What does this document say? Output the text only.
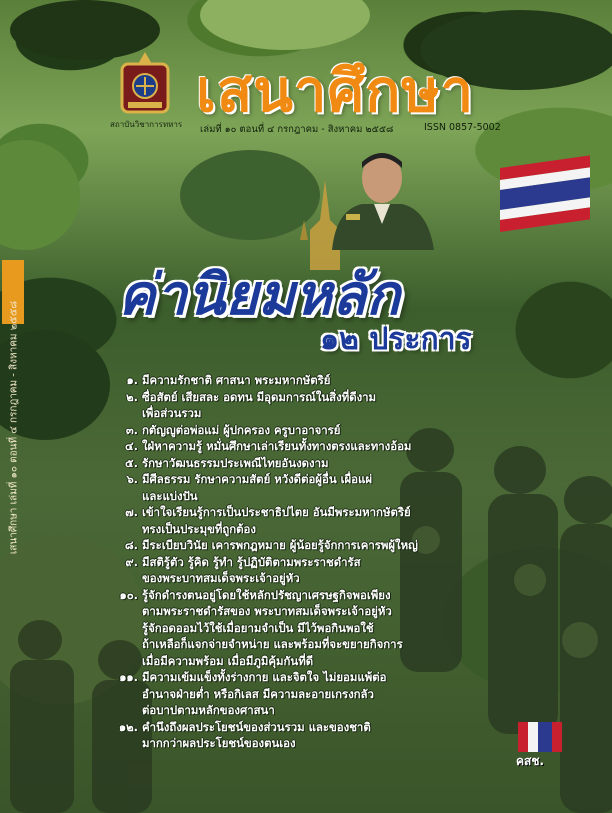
เสนาศึกษา เล่มที่ ๑๐ ตอนที่ ๔ กรกฎาคม - สิงหาคม ๒๕๕๘
สถาบันวิชาการทหาร เสนาศึกษา
เล่มที่ ๑๐ ตอนที่ ๔ กรกฎาคม - สิงหาคม ๒๕๕๘	ISSN 0857-5002
ค่านิยมหลัก
๑๒ ประการ
๑. มีความรักชาติ ศาสนา พระมหากษัตริย์
๒. ซื่อสัตย์ เสียสละ อดทน มีอุดมการณ์ในสิ่งที่ดีงาม
เพื่อส่วนรวม
๓. กตัญญูต่อพ่อแม่ ผู้ปกครอง ครูบาอาจารย์
๔. ใฝ่หาความรู้ หมั่นศึกษาเล่าเรียนทั้งทางตรงและทางอ้อม
๕. รักษาวัฒนธรรมประเพณีไทยอันงดงาม
๖. มีศีลธรรม รักษาความสัตย์ หวังดีต่อผู้อื่น เผื่อแผ่
และแบ่งปัน
๗. เข้าใจเรียนรู้การเป็นประชาธิปไตย อันมีพระมหากษัตริย์
ทรงเป็นประมุขที่ถูกต้อง
๘. มีระเบียบวินัย เคารพกฎหมาย ผู้น้อยรู้จักการเคารพผู้ใหญ่
๙. มีสติรู้ตัว รู้คิด รู้ทำ รู้ปฏิบัติตามพระราชดำรัส
ของพระบาทสมเด็จพระเจ้าอยู่หัว
๑๐. รู้จักดำรงตนอยู่โดยใช้หลักปรัชญาเศรษฐกิจพอเพียง
ตามพระราชดำรัสของ พระบาทสมเด็จพระเจ้าอยู่หัว
รู้จักอดออมไว้ใช้เมื่อยามจำเป็น มีไว้พอกินพอใช้
ถ้าเหลือก็แจกจ่ายจำหน่าย และพร้อมที่จะขยายกิจการ
เมื่อมีความพร้อม เมื่อมีภูมิคุ้มกันที่ดี
๑๑. มีความเข้มแข็งทั้งร่างกาย และจิตใจ ไม่ยอมแพ้ต่อ
อำนาจฝ่ายต่ำ หรือกิเลส มีความละอายเกรงกลัว
ต่อบาปตามหลักของศาสนา
๑๒. คำนึงถึงผลประโยชน์ของส่วนรวม และของชาติ
มากกว่าผลประโยชน์ของตนเอง
คสช.
